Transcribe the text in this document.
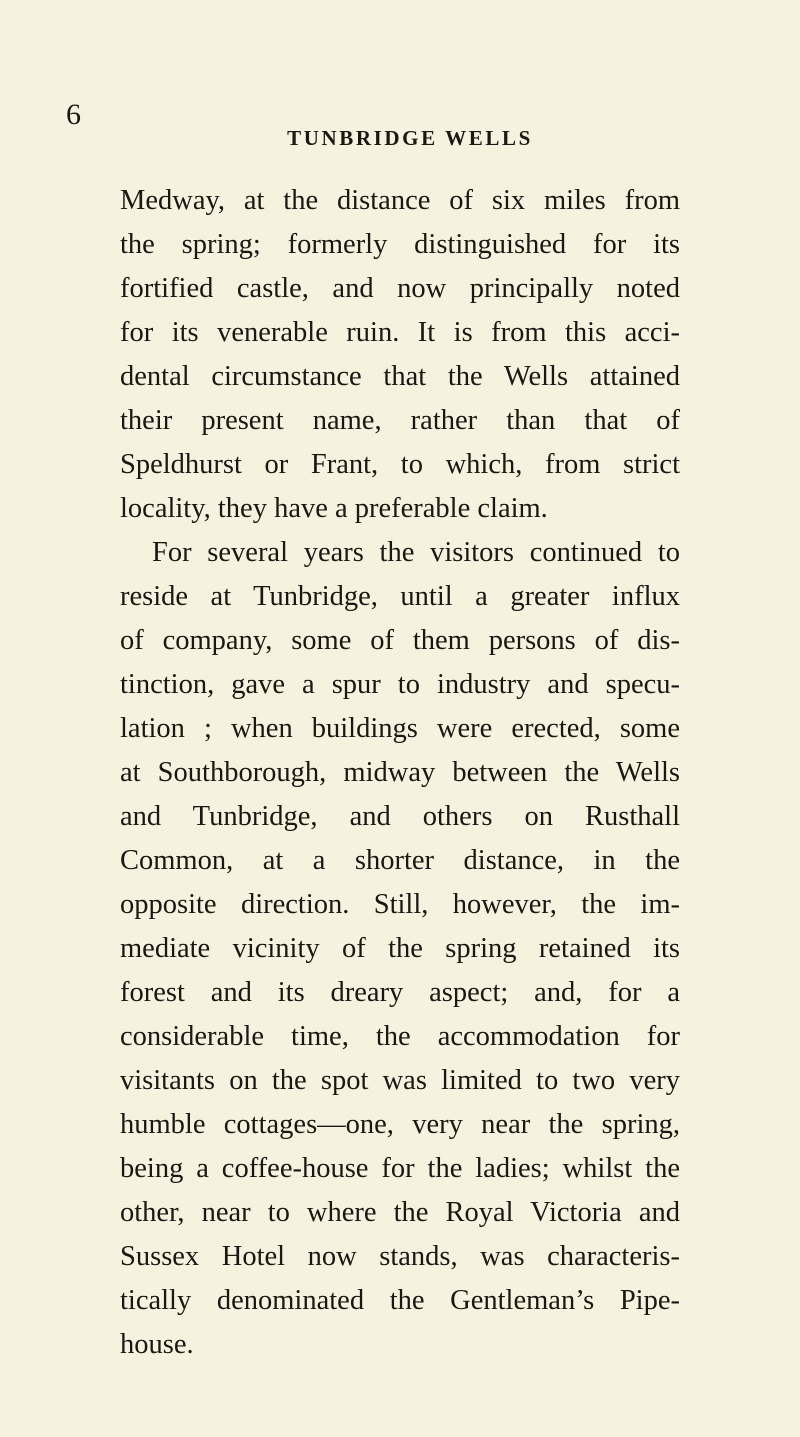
6
TUNBRIDGE WELLS
Medway, at the distance of six miles from
the spring; formerly distinguished for its
fortified castle, and now principally noted
for its venerable ruin. It is from this acci-
dental circumstance that the Wells attained
their present name, rather than that of
Speldhurst or Frant, to which, from strict
locality, they have a preferable claim.
For several years the visitors continued to
reside at Tunbridge, until a greater influx
of company, some of them persons of dis-
tinction, gave a spur to industry and specu-
lation ; when buildings were erected, some
at Southborough, midway between the Wells
and Tunbridge, and others on Rusthall
Common, at a shorter distance, in the
opposite direction. Still, however, the im-
mediate vicinity of the spring retained its
forest and its dreary aspect; and, for a
considerable time, the accommodation for
visitants on the spot was limited to two very
humble cottages—one, very near the spring,
being a coffee-house for the ladies; whilst the
other, near to where the Royal Victoria and
Sussex Hotel now stands, was characteris-
tically denominated the Gentleman’s Pipe-
house.
